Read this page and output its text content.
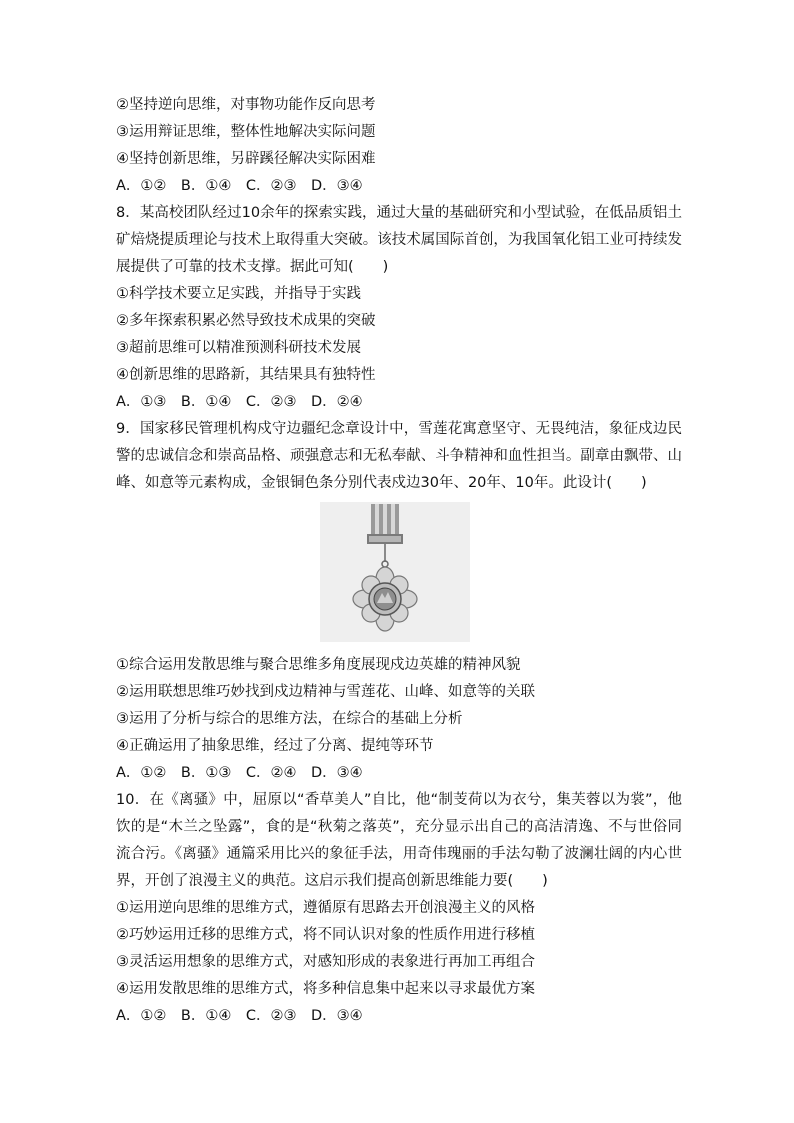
②坚持逆向思维，对事物功能作反向思考
③运用辩证思维，整体性地解决实际问题
④坚持创新思维，另辟蹊径解决实际困难
A．①②　B．①④　C．②③　D．③④
8．某高校团队经过10余年的探索实践，通过大量的基础研究和小型试验，在低品质铝土矿焙烧提质理论与技术上取得重大突破。该技术属国际首创，为我国氧化铝工业可持续发展提供了可靠的技术支撑。据此可知(　　)
①科学技术要立足实践，并指导于实践
②多年探索积累必然导致技术成果的突破
③超前思维可以精准预测科研技术发展
④创新思维的思路新，其结果具有独特性
A．①③　B．①④　C．②③　D．②④
9．国家移民管理机构戍守边疆纪念章设计中，雪莲花寓意坚守、无畏纯洁，象征戍边民警的忠诚信念和崇高品格、顽强意志和无私奉献、斗争精神和血性担当。副章由飘带、山峰、如意等元素构成，金银铜色条分别代表戍边30年、20年、10年。此设计(　　)
①综合运用发散思维与聚合思维多角度展现戍边英雄的精神风貌
②运用联想思维巧妙找到戍边精神与雪莲花、山峰、如意等的关联
③运用了分析与综合的思维方法，在综合的基础上分析
④正确运用了抽象思维，经过了分离、提纯等环节
A．①②　B．①③　C．②④　D．③④
10．在《离骚》中，屈原以“香草美人”自比，他“制芰荷以为衣兮，集芙蓉以为裳”，他饮的是“木兰之坠露”，食的是“秋菊之落英”，充分显示出自己的高洁清逸、不与世俗同流合污。《离骚》通篇采用比兴的象征手法，用奇伟瑰丽的手法勾勒了波澜壮阔的内心世界，开创了浪漫主义的典范。这启示我们提高创新思维能力要(　　)
①运用逆向思维的思维方式，遵循原有思路去开创浪漫主义的风格
②巧妙运用迁移的思维方式，将不同认识对象的性质作用进行移植
③灵活运用想象的思维方式，对感知形成的表象进行再加工再组合
④运用发散思维的思维方式，将多种信息集中起来以寻求最优方案
A．①②　B．①④　C．②③　D．③④
